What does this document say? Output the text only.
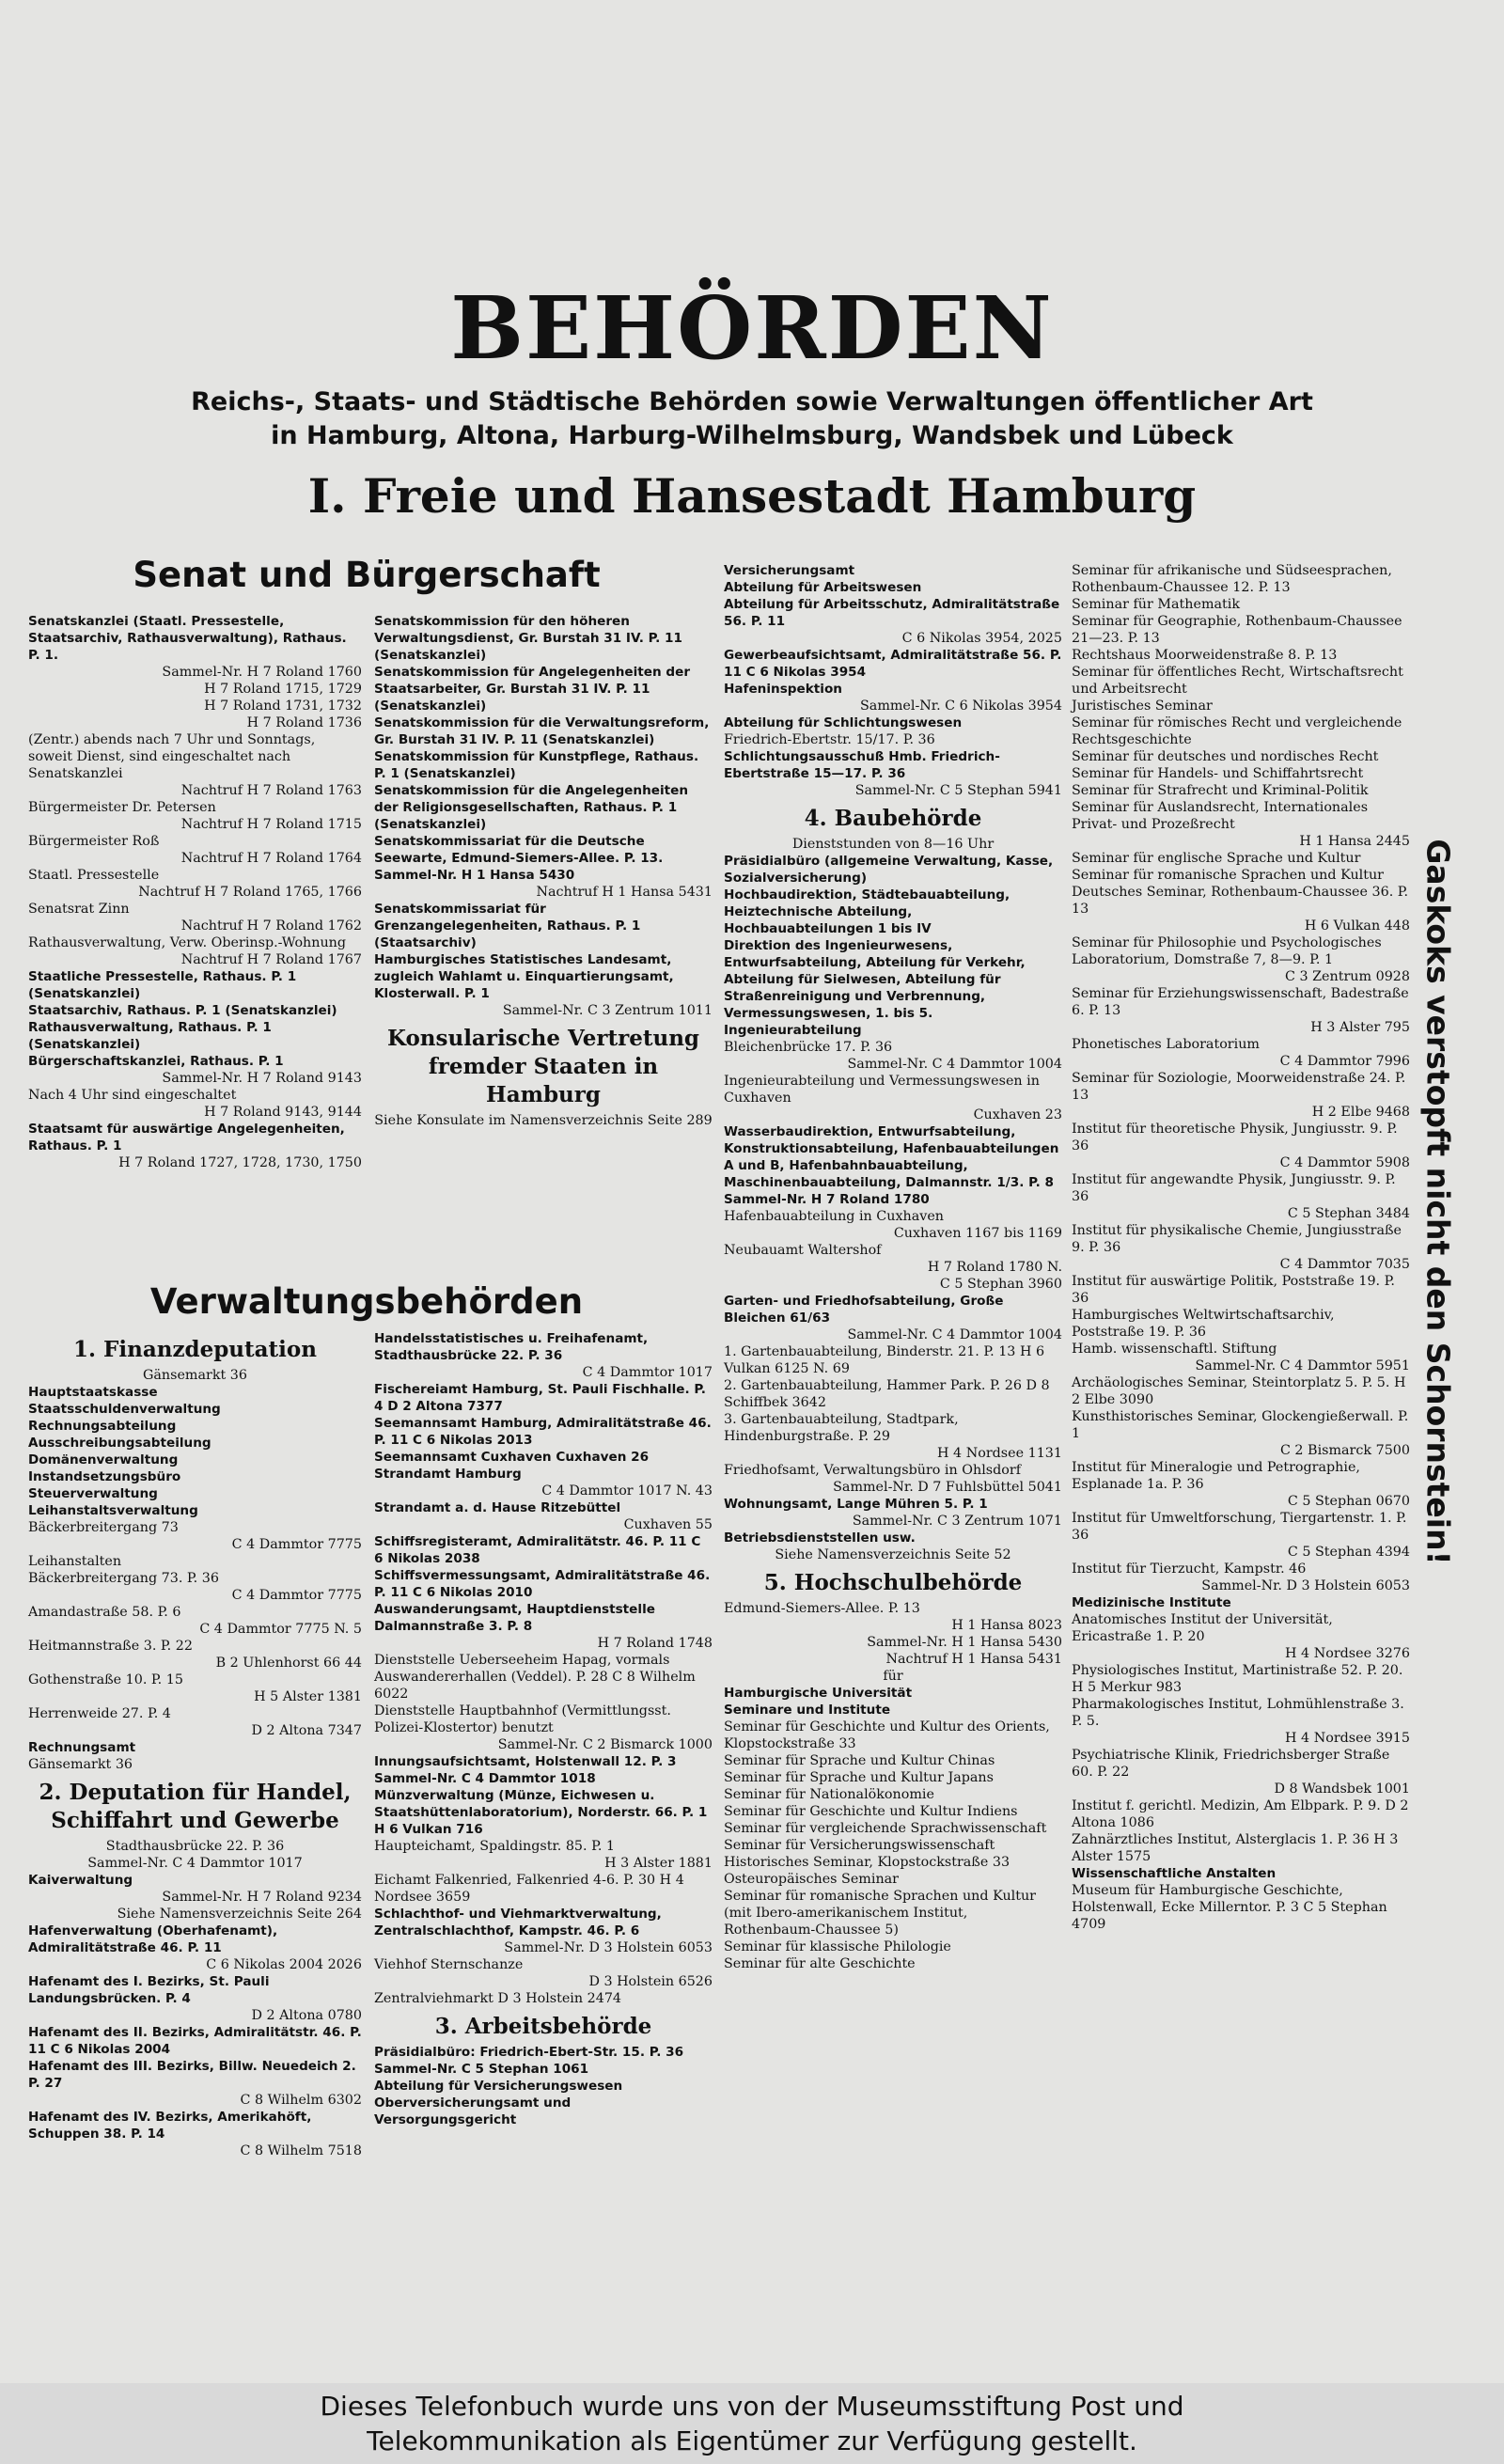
BEHÖRDEN
Reichs-, Staats- und Städtische Behörden sowie Verwaltungen öffentlicher Art
in Hamburg, Altona, Harburg-Wilhelmsburg, Wandsbek und Lübeck
I. Freie und Hansestadt Hamburg
Senat und Bürgerschaft

Senatskanzlei (Staatl. Pressestelle, Staatsarchiv, Rathausverwaltung), Rathaus. P. 1.

Sammel-Nr. H 7 Roland 1760

H 7 Roland 1715, 1729

H 7 Roland 1731, 1732

H 7 Roland 1736

(Zentr.) abends nach 7 Uhr und Sonntags, soweit Dienst, sind eingeschaltet nach Senatskanzlei

Nachtruf H 7 Roland 1763

Bürgermeister Dr. Petersen

Nachtruf H 7 Roland 1715

Bürgermeister Roß

Nachtruf H 7 Roland 1764

Staatl. Pressestelle

Nachtruf H 7 Roland 1765, 1766

Senatsrat Zinn

Nachtruf H 7 Roland 1762

Rathausverwaltung, Verw. Oberinsp.-Wohnung

Nachtruf H 7 Roland 1767

Staatliche Pressestelle, Rathaus. P. 1 (Senatskanzlei)

Staatsarchiv, Rathaus. P. 1 (Senatskanzlei)

Rathausverwaltung, Rathaus. P. 1 (Senatskanzlei)

Bürgerschaftskanzlei, Rathaus. P. 1

Sammel-Nr. H 7 Roland 9143

Nach 4 Uhr sind eingeschaltet

H 7 Roland 9143, 9144

Staatsamt für auswärtige Angelegenheiten, Rathaus. P. 1

H 7 Roland 1727, 1728, 1730, 1750

Senatskommission für den höheren Verwaltungsdienst, Gr. Burstah 31 IV. P. 11 (Senatskanzlei)

Senatskommission für Angelegenheiten der Staatsarbeiter, Gr. Burstah 31 IV. P. 11 (Senatskanzlei)

Senatskommission für die Verwaltungsreform, Gr. Burstah 31 IV. P. 11 (Senatskanzlei)

Senatskommission für Kunstpflege, Rathaus. P. 1 (Senatskanzlei)

Senatskommission für die Angelegenheiten der Religionsgesellschaften, Rathaus. P. 1 (Senatskanzlei)

Senatskommissariat für die Deutsche Seewarte, Edmund-Siemers-Allee. P. 13. Sammel-Nr. H 1 Hansa 5430

Nachtruf H 1 Hansa 5431

Senatskommissariat für Grenzangelegenheiten, Rathaus. P. 1 (Staatsarchiv)

Hamburgisches Statistisches Landesamt, zugleich Wahlamt u. Einquartierungsamt, Klosterwall. P. 1

Sammel-Nr. C 3 Zentrum 1011

Konsularische Vertretung fremder Staaten in Hamburg

Siehe Konsulate im Namensverzeichnis Seite 289

Verwaltungsbehörden

1. Finanzdeputation

Gänsemarkt 36

Hauptstaatskasse

Staatsschuldenverwaltung

Rechnungsabteilung

Ausschreibungsabteilung

Domänenverwaltung

Instandsetzungsbüro

Steuerverwaltung

Leihanstaltsverwaltung

Bäckerbreitergang 73

C 4 Dammtor 7775

Leihanstalten

Bäckerbreitergang 73. P. 36

C 4 Dammtor 7775

Amandastraße 58. P. 6

C 4 Dammtor 7775 N. 5

Heitmannstraße 3. P. 22

B 2 Uhlenhorst 66 44

Gothenstraße 10. P. 15

H 5 Alster 1381

Herrenweide 27. P. 4

D 2 Altona 7347

Rechnungsamt

Gänsemarkt 36

2. Deputation für Handel, Schiffahrt und Gewerbe

Stadthausbrücke 22. P. 36

Sammel-Nr. C 4 Dammtor 1017

Kaiverwaltung

Sammel-Nr. H 7 Roland 9234

Siehe Namensverzeichnis Seite 264

Hafenverwaltung (Oberhafenamt), Admiralitätstraße 46. P. 11

C 6 Nikolas 2004 2026

Hafenamt des I. Bezirks, St. Pauli Landungsbrücken. P. 4

D 2 Altona 0780

Hafenamt des II. Bezirks, Admiralitätstr. 46. P. 11 C 6 Nikolas 2004

Hafenamt des III. Bezirks, Billw. Neuedeich 2. P. 27

C 8 Wilhelm 6302

Hafenamt des IV. Bezirks, Amerikahöft, Schuppen 38. P. 14

C 8 Wilhelm 7518

Handelsstatistisches u. Freihafenamt, Stadthausbrücke 22. P. 36

C 4 Dammtor 1017

Fischereiamt Hamburg, St. Pauli Fischhalle. P. 4 D 2 Altona 7377

Seemannsamt Hamburg, Admiralitätstraße 46. P. 11 C 6 Nikolas 2013

Seemannsamt Cuxhaven Cuxhaven 26

Strandamt Hamburg

C 4 Dammtor 1017 N. 43

Strandamt a. d. Hause Ritzebüttel

Cuxhaven 55

Schiffsregisteramt, Admiralitätstr. 46. P. 11 C 6 Nikolas 2038

Schiffsvermessungsamt, Admiralitätstraße 46. P. 11 C 6 Nikolas 2010

Auswanderungsamt, Hauptdienststelle Dalmannstraße 3. P. 8

H 7 Roland 1748

Dienststelle Ueberseeheim Hapag, vormals Auswandererhallen (Veddel). P. 28 C 8 Wilhelm 6022

Dienststelle Hauptbahnhof (Vermittlungsst. Polizei-Klostertor) benutzt

Sammel-Nr. C 2 Bismarck 1000

Innungsaufsichtsamt, Holstenwall 12. P. 3 Sammel-Nr. C 4 Dammtor 1018

Münzverwaltung (Münze, Eichwesen u. Staatshüttenlaboratorium), Norderstr. 66. P. 1 H 6 Vulkan 716

Haupteichamt, Spaldingstr. 85. P. 1

H 3 Alster 1881

Eichamt Falkenried, Falkenried 4-6. P. 30 H 4 Nordsee 3659

Schlachthof- und Viehmarktverwaltung, Zentralschlachthof, Kampstr. 46. P. 6

Sammel-Nr. D 3 Holstein 6053

Viehhof Sternschanze

D 3 Holstein 6526

Zentralviehmarkt D 3 Holstein 2474

3. Arbeitsbehörde

Präsidialbüro: Friedrich-Ebert-Str. 15. P. 36 Sammel-Nr. C 5 Stephan 1061

Abteilung für Versicherungswesen Oberversicherungsamt und Versorgungsgericht

Versicherungsamt

Abteilung für Arbeitswesen

Abteilung für Arbeitsschutz, Admiralitätstraße 56. P. 11

C 6 Nikolas 3954, 2025

Gewerbeaufsichtsamt, Admiralitätstraße 56. P. 11 C 6 Nikolas 3954

Hafeninspektion

Sammel-Nr. C 6 Nikolas 3954

Abteilung für Schlichtungswesen

Friedrich-Ebertstr. 15/17. P. 36

Schlichtungsausschuß Hmb. Friedrich-Ebertstraße 15—17. P. 36

Sammel-Nr. C 5 Stephan 5941

4. Baubehörde

Dienststunden von 8—16 Uhr

Präsidialbüro (allgemeine Verwaltung, Kasse, Sozialversicherung)

Hochbaudirektion, Städtebauabteilung, Heiztechnische Abteilung, Hochbauabteilungen 1 bis IV

Direktion des Ingenieurwesens, Entwurfsabteilung, Abteilung für Verkehr, Abteilung für Sielwesen, Abteilung für Straßenreinigung und Verbrennung, Vermessungswesen, 1. bis 5. Ingenieurabteilung

Bleichenbrücke 17. P. 36

Sammel-Nr. C 4 Dammtor 1004

Ingenieurabteilung und Vermessungswesen in Cuxhaven

Cuxhaven 23

Wasserbaudirektion, Entwurfsabteilung, Konstruktionsabteilung, Hafenbauabteilungen A und B, Hafenbahnbauabteilung, Maschinenbauabteilung, Dalmannstr. 1/3. P. 8 Sammel-Nr. H 7 Roland 1780

Hafenbauabteilung in Cuxhaven

Cuxhaven 1167 bis 1169

Neubauamt Waltershof

H 7 Roland 1780 N.

C 5 Stephan 3960

Garten- und Friedhofsabteilung, Große Bleichen 61/63

Sammel-Nr. C 4 Dammtor 1004

1. Gartenbauabteilung, Binderstr. 21. P. 13 H 6 Vulkan 6125 N. 69

2. Gartenbauabteilung, Hammer Park. P. 26 D 8 Schiffbek 3642

3. Gartenbauabteilung, Stadtpark, Hindenburgstraße. P. 29

H 4 Nordsee 1131

Friedhofsamt, Verwaltungsbüro in Ohlsdorf

Sammel-Nr. D 7 Fuhlsbüttel 5041

Wohnungsamt, Lange Mühren 5. P. 1

Sammel-Nr. C 3 Zentrum 1071

Betriebsdienststellen usw.

Siehe Namensverzeichnis Seite 52

5. Hochschulbehörde

Edmund-Siemers-Allee. P. 13

H 1 Hansa 8023

Sammel-Nr. H 1 Hansa 5430

Nachtruf H 1 Hansa 5431

für

Hamburgische Universität

Seminare und Institute

Seminar für Geschichte und Kultur des Orients, Klopstockstraße 33

Seminar für Sprache und Kultur Chinas

Seminar für Sprache und Kultur Japans

Seminar für Nationalökonomie

Seminar für Geschichte und Kultur Indiens

Seminar für vergleichende Sprachwissenschaft

Seminar für Versicherungswissenschaft

Historisches Seminar, Klopstockstraße 33

Osteuropäisches Seminar

Seminar für romanische Sprachen und Kultur (mit Ibero-amerikanischem Institut, Rothenbaum-Chaussee 5)

Seminar für klassische Philologie

Seminar für alte Geschichte

Seminar für afrikanische und Südseesprachen, Rothenbaum-Chaussee 12. P. 13

Seminar für Mathematik

Seminar für Geographie, Rothenbaum-Chaussee 21—23. P. 13

Rechtshaus Moorweidenstraße 8. P. 13

Seminar für öffentliches Recht, Wirtschaftsrecht und Arbeitsrecht

Juristisches Seminar

Seminar für römisches Recht und vergleichende Rechtsgeschichte

Seminar für deutsches und nordisches Recht

Seminar für Handels- und Schiffahrtsrecht

Seminar für Strafrecht und Kriminal-Politik

Seminar für Auslandsrecht, Internationales Privat- und Prozeßrecht

H 1 Hansa 2445

Seminar für englische Sprache und Kultur

Seminar für romanische Sprachen und Kultur

Deutsches Seminar, Rothenbaum-Chaussee 36. P. 13

H 6 Vulkan 448

Seminar für Philosophie und Psychologisches Laboratorium, Domstraße 7, 8—9. P. 1

C 3 Zentrum 0928

Seminar für Erziehungswissenschaft, Badestraße 6. P. 13

H 3 Alster 795

Phonetisches Laboratorium

C 4 Dammtor 7996

Seminar für Soziologie, Moorweidenstraße 24. P. 13

H 2 Elbe 9468

Institut für theoretische Physik, Jungiusstr. 9. P. 36

C 4 Dammtor 5908

Institut für angewandte Physik, Jungiusstr. 9. P. 36

C 5 Stephan 3484

Institut für physikalische Chemie, Jungiusstraße 9. P. 36

C 4 Dammtor 7035

Institut für auswärtige Politik, Poststraße 19. P. 36

Hamburgisches Weltwirtschaftsarchiv, Poststraße 19. P. 36

Hamb. wissenschaftl. Stiftung

Sammel-Nr. C 4 Dammtor 5951

Archäologisches Seminar, Steintorplatz 5. P. 5. H 2 Elbe 3090

Kunsthistorisches Seminar, Glockengießerwall. P. 1

C 2 Bismarck 7500

Institut für Mineralogie und Petrographie, Esplanade 1a. P. 36

C 5 Stephan 0670

Institut für Umweltforschung, Tiergartenstr. 1. P. 36

C 5 Stephan 4394

Institut für Tierzucht, Kampstr. 46

Sammel-Nr. D 3 Holstein 6053

Medizinische Institute

Anatomisches Institut der Universität, Ericastraße 1. P. 20

H 4 Nordsee 3276

Physiologisches Institut, Martinistraße 52. P. 20. H 5 Merkur 983

Pharmakologisches Institut, Lohmühlenstraße 3. P. 5.

H 4 Nordsee 3915

Psychiatrische Klinik, Friedrichsberger Straße 60. P. 22

D 8 Wandsbek 1001

Institut f. gerichtl. Medizin, Am Elbpark. P. 9. D 2 Altona 1086

Zahnärztliches Institut, Alsterglacis 1. P. 36 H 3 Alster 1575

Wissenschaftliche Anstalten

Museum für Hamburgische Geschichte, Holstenwall, Ecke Millerntor. P. 3 C 5 Stephan 4709

Gaskoks verstopft nicht den Schornstein!
Dieses Telefonbuch wurde uns von der Museumsstiftung Post und
Telekommunikation als Eigentümer zur Verfügung gestellt.
